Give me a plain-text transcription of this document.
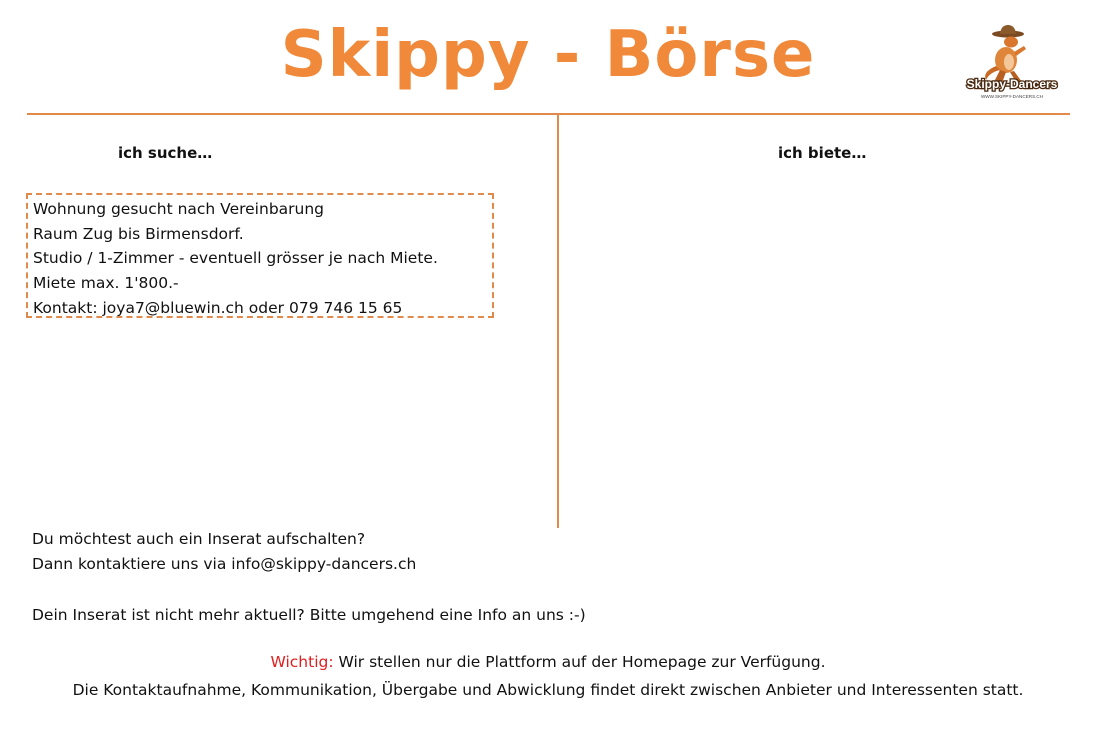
Skippy - Börse	Skippy-Dancers
WWW.SKIPPY-DANCERS.CH
ich suche…	ich biete…
Wohnung gesucht nach Vereinbarung
Raum Zug bis Birmensdorf.
Studio / 1-Zimmer - eventuell grösser je nach Miete.
Miete max. 1'800.-
Kontakt: joya7@bluewin.ch oder 079 746 15 65
Du möchtest auch ein Inserat aufschalten?
Dann kontaktiere uns via info@skippy-dancers.ch
Dein Inserat ist nicht mehr aktuell? Bitte umgehend eine Info an uns :-)
Wichtig: Wir stellen nur die Plattform auf der Homepage zur Verfügung.
Die Kontaktaufnahme, Kommunikation, Übergabe und Abwicklung findet direkt zwischen Anbieter und Interessenten statt.
